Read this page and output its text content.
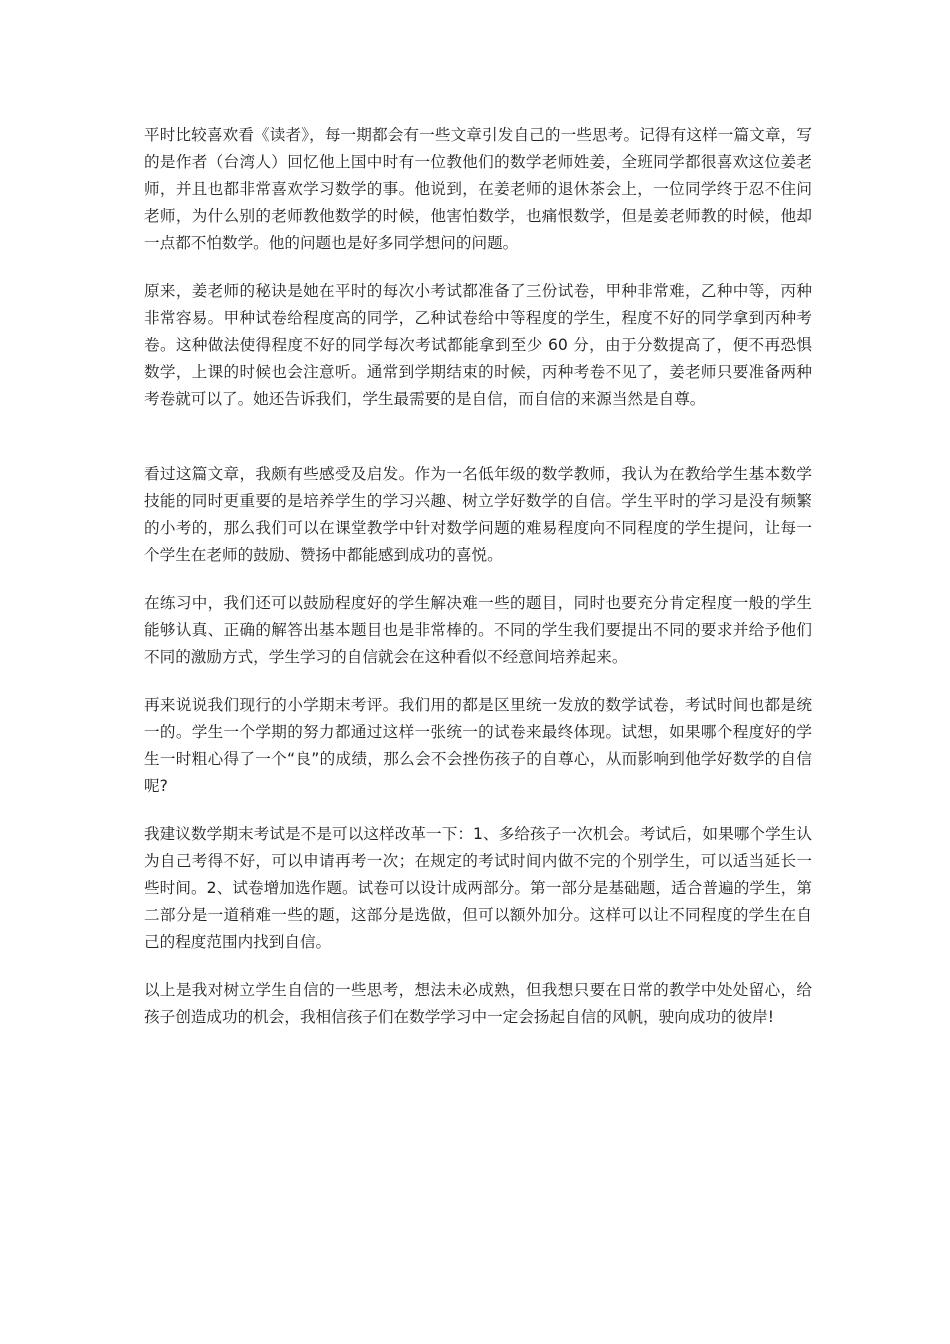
平时比较喜欢看《读者》，每一期都会有一些文章引发自己的一些思考。记得有这样一篇文章，写的是作者（台湾人）回忆他上国中时有一位教他们的数学老师姓姜，全班同学都很喜欢这位姜老师，并且也都非常喜欢学习数学的事。他说到，在姜老师的退休茶会上，一位同学终于忍不住问老师，为什么别的老师教他数学的时候，他害怕数学，也痛恨数学，但是姜老师教的时候，他却一点都不怕数学。他的问题也是好多同学想问的问题。

原来，姜老师的秘诀是她在平时的每次小考试都准备了三份试卷，甲种非常难，乙种中等，丙种非常容易。甲种试卷给程度高的同学，乙种试卷给中等程度的学生，程度不好的同学拿到丙种考卷。这种做法使得程度不好的同学每次考试都能拿到至少 60 分，由于分数提高了，便不再恐惧数学，上课的时候也会注意听。通常到学期结束的时候，丙种考卷不见了，姜老师只要准备两种考卷就可以了。她还告诉我们，学生最需要的是自信，而自信的来源当然是自尊。

看过这篇文章，我颇有些感受及启发。作为一名低年级的数学教师，我认为在教给学生基本数学技能的同时更重要的是培养学生的学习兴趣、树立学好数学的自信。学生平时的学习是没有频繁的小考的，那么我们可以在课堂教学中针对数学问题的难易程度向不同程度的学生提问，让每一个学生在老师的鼓励、赞扬中都能感到成功的喜悦。

在练习中，我们还可以鼓励程度好的学生解决难一些的题目，同时也要充分肯定程度一般的学生能够认真、正确的解答出基本题目也是非常棒的。不同的学生我们要提出不同的要求并给予他们不同的激励方式，学生学习的自信就会在这种看似不经意间培养起来。

再来说说我们现行的小学期末考评。我们用的都是区里统一发放的数学试卷，考试时间也都是统一的。学生一个学期的努力都通过这样一张统一的试卷来最终体现。试想，如果哪个程度好的学生一时粗心得了一个“良”的成绩，那么会不会挫伤孩子的自尊心，从而影响到他学好数学的自信呢?

我建议数学期末考试是不是可以这样改革一下：1、多给孩子一次机会。考试后，如果哪个学生认为自己考得不好，可以申请再考一次；在规定的考试时间内做不完的个别学生，可以适当延长一些时间。2、试卷增加选作题。试卷可以设计成两部分。第一部分是基础题，适合普遍的学生，第二部分是一道稍难一些的题，这部分是选做，但可以额外加分。这样可以让不同程度的学生在自己的程度范围内找到自信。

以上是我对树立学生自信的一些思考，想法未必成熟，但我想只要在日常的教学中处处留心，给孩子创造成功的机会，我相信孩子们在数学学习中一定会扬起自信的风帆，驶向成功的彼岸!
